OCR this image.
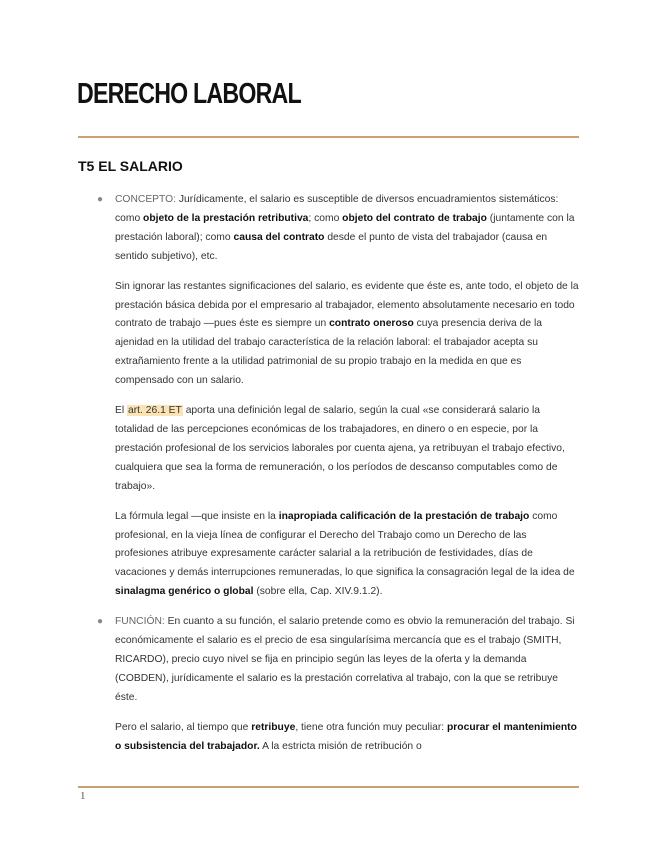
DERECHO LABORAL
T5 EL SALARIO
● CONCEPTO: Jurídicamente, el salario es susceptible de diversos encuadramientos sistemáticos: como objeto de la prestación retributiva; como objeto del contrato de trabajo (juntamente con la prestación laboral); como causa del contrato desde el punto de vista del trabajador (causa en sentido subjetivo), etc.

Sin ignorar las restantes significaciones del salario, es evidente que éste es, ante todo, el objeto de la prestación básica debida por el empresario al trabajador, elemento absolutamente necesario en todo contrato de trabajo —pues éste es siempre un contrato oneroso cuya presencia deriva de la ajenidad en la utilidad del trabajo característica de la relación laboral: el trabajador acepta su extrañamiento frente a la utilidad patrimonial de su propio trabajo en la medida en que es compensado con un salario.

El art. 26.1 ET aporta una definición legal de salario, según la cual «se considerará salario la totalidad de las percepciones económicas de los trabajadores, en dinero o en especie, por la prestación profesional de los servicios laborales por cuenta ajena, ya retribuyan el trabajo efectivo, cualquiera que sea la forma de remuneración, o los períodos de descanso computables como de trabajo».

La fórmula legal —que insiste en la inapropiada calificación de la prestación de trabajo como profesional, en la vieja línea de configurar el Derecho del Trabajo como un Derecho de las profesiones atribuye expresamente carácter salarial a la retribución de festividades, días de vacaciones y demás interrupciones remuneradas, lo que significa la consagración legal de la idea de sinalagma genérico o global (sobre ella, Cap. XIV.9.1.2).

● FUNCIÓN: En cuanto a su función, el salario pretende como es obvio la remuneración del trabajo. Si económicamente el salario es el precio de esa singularísima mercancía que es el trabajo (SMITH, RICARDO), precio cuyo nivel se fija en principio según las leyes de la oferta y la demanda (COBDEN), jurídicamente el salario es la prestación correlativa al trabajo, con la que se retribuye éste.

Pero el salario, al tiempo que retribuye, tiene otra función muy peculiar: procurar el mantenimiento o subsistencia del trabajador. A la estricta misión de retribución o

1
